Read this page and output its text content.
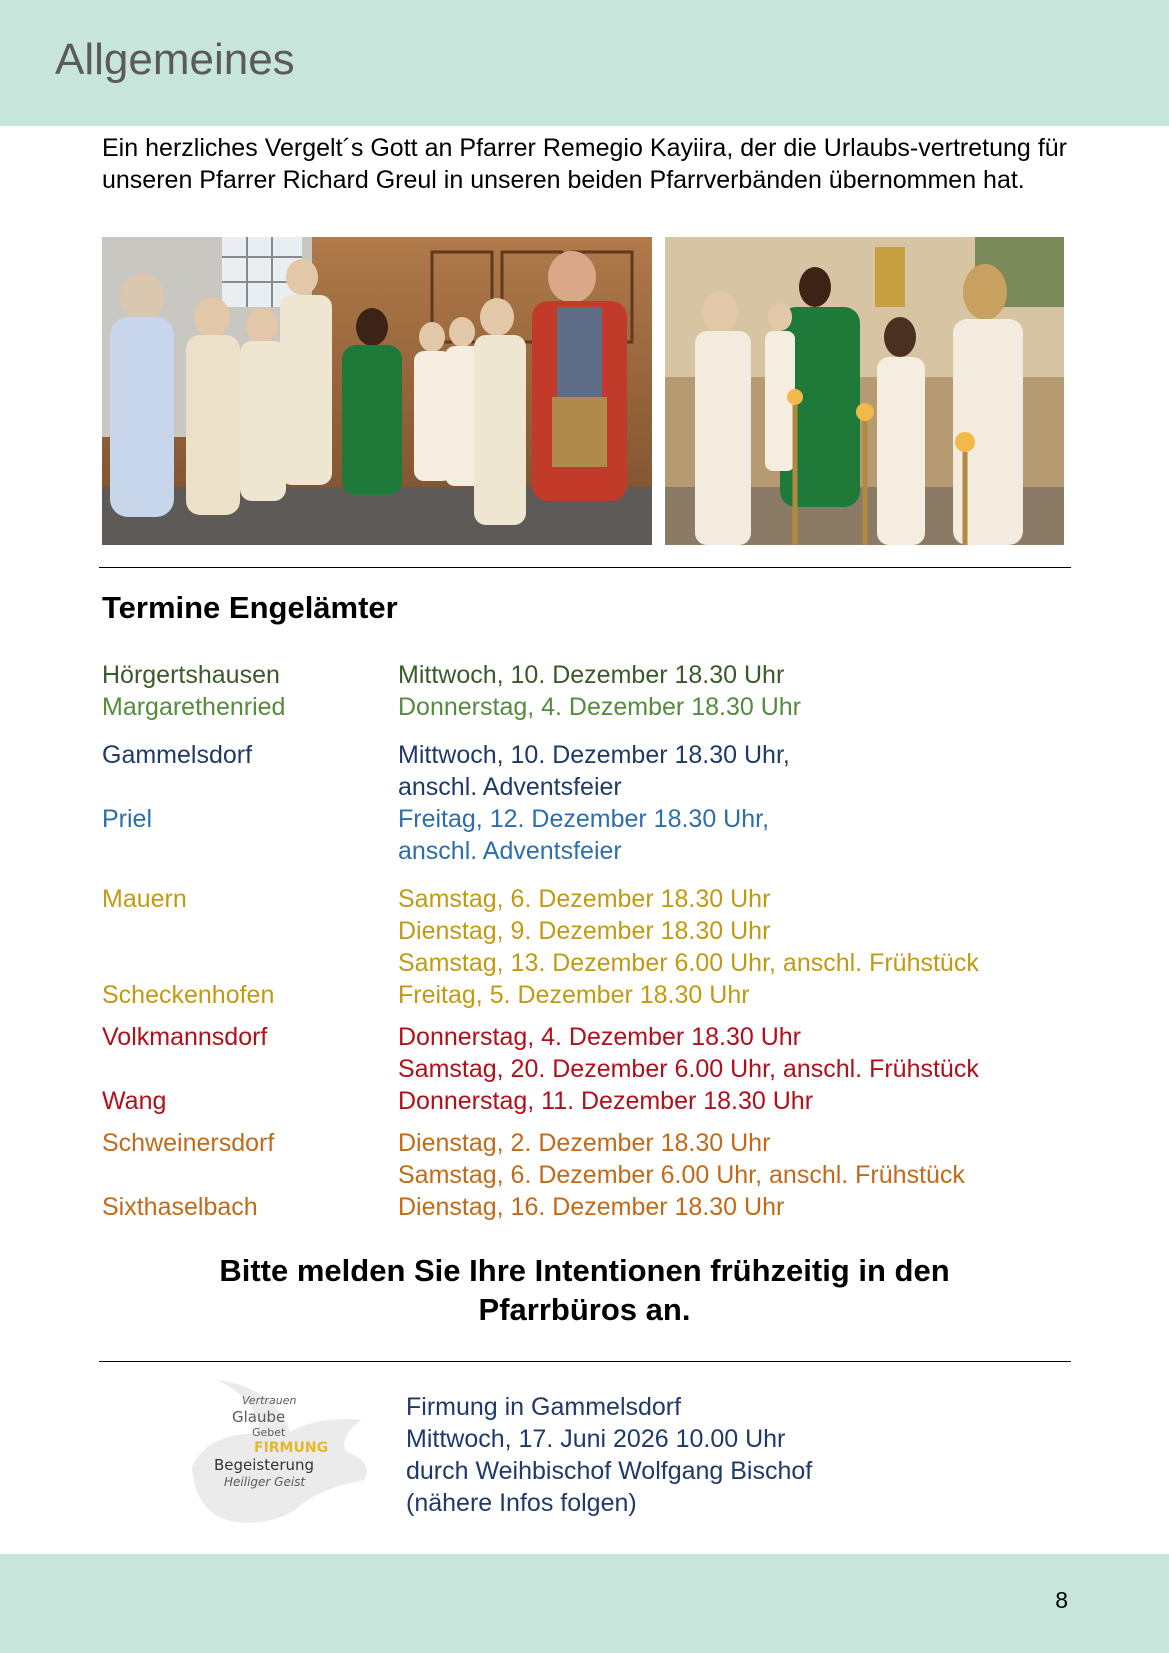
Allgemeines
Ein herzliches Vergelt´s Gott an Pfarrer Remegio Kayiira, der die Urlaubs-vertretung für unseren Pfarrer Richard Greul in unseren beiden Pfarrverbänden übernommen hat.
Termine Engelämter
Hörgertshausen	Mittwoch, 10. Dezember 18.30 Uhr
Margarethenried	Donnerstag, 4. Dezember 18.30 Uhr
Gammelsdorf	Mittwoch, 10. Dezember 18.30 Uhr,
anschl. Adventsfeier
Priel	Freitag, 12. Dezember 18.30 Uhr,
anschl. Adventsfeier
Mauern	Samstag, 6. Dezember 18.30 Uhr
Dienstag, 9. Dezember 18.30 Uhr
Samstag, 13. Dezember 6.00 Uhr, anschl. Frühstück
Scheckenhofen	Freitag, 5. Dezember 18.30 Uhr
Volkmannsdorf	Donnerstag, 4. Dezember 18.30 Uhr
Samstag, 20. Dezember 6.00 Uhr, anschl. Frühstück
Wang	Donnerstag, 11. Dezember 18.30 Uhr
Schweinersdorf	Dienstag, 2. Dezember 18.30 Uhr
Samstag, 6. Dezember 6.00 Uhr, anschl. Frühstück
Sixthaselbach	Dienstag, 16. Dezember 18.30 Uhr
Bitte melden Sie Ihre Intentionen frühzeitig in den
Pfarrbüros an.
Vertrauen
Glaube
Gebet
FIRMUNG
Begeisterung
Heiliger Geist
Firmung in Gammelsdorf
Mittwoch, 17. Juni 2026 10.00 Uhr
durch Weihbischof Wolfgang Bischof
(nähere Infos folgen)
8
